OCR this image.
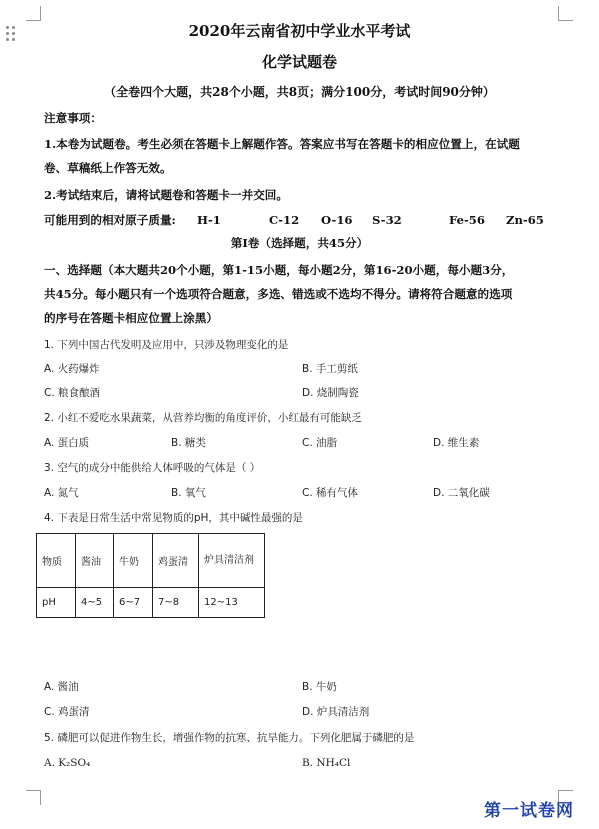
2020年云南省初中学业水平考试
化学试题卷
（全卷四个大题，共28个小题，共8页；满分100分，考试时间90分钟）
注意事项：
1.本卷为试题卷。考生必须在答题卡上解题作答。答案应书写在答题卡的相应位置上，在试题
卷、草稿纸上作答无效。
2.考试结束后，请将试题卷和答题卡一并交回。
可能用到的相对原子质量: H-1	C-12 O-16 S-32	Fe-56 Zn-65
第Ⅰ卷（选择题，共45分）
一、选择题（本大题共20个小题，第1-15小题，每小题2分，第16-20小题，每小题3分，
共45分。每小题只有一个选项符合题意，多选、错选或不选均不得分。请将符合题意的选项
的序号在答题卡相应位置上涂黑）
1. 下列中国古代发明及应用中，只涉及物理变化的是
A. 火药爆炸	B. 手工剪纸
C. 粮食酿酒	D. 烧制陶瓷
2. 小红不爱吃水果蔬菜，从营养均衡的角度评价，小红最有可能缺乏
A. 蛋白质	B. 糖类	C. 油脂	D. 维生素
3. 空气的成分中能供给人体呼吸的气体是（ ）
A. 氮气	B. 氧气	C. 稀有气体	D. 二氧化碳
4. 下表是日常生活中常见物质的pH，其中碱性最强的是
物质	酱油	牛奶	鸡蛋清	炉具清洁剂
pH	4~5	6~7	7~8	12~13
A. 酱油	B. 牛奶
C. 鸡蛋清	D. 炉具清洁剂
5. 磷肥可以促进作物生长，增强作物的抗寒、抗旱能力。下列化肥属于磷肥的是
A. K₂SO₄	B. NH₄Cl
第一试卷网
